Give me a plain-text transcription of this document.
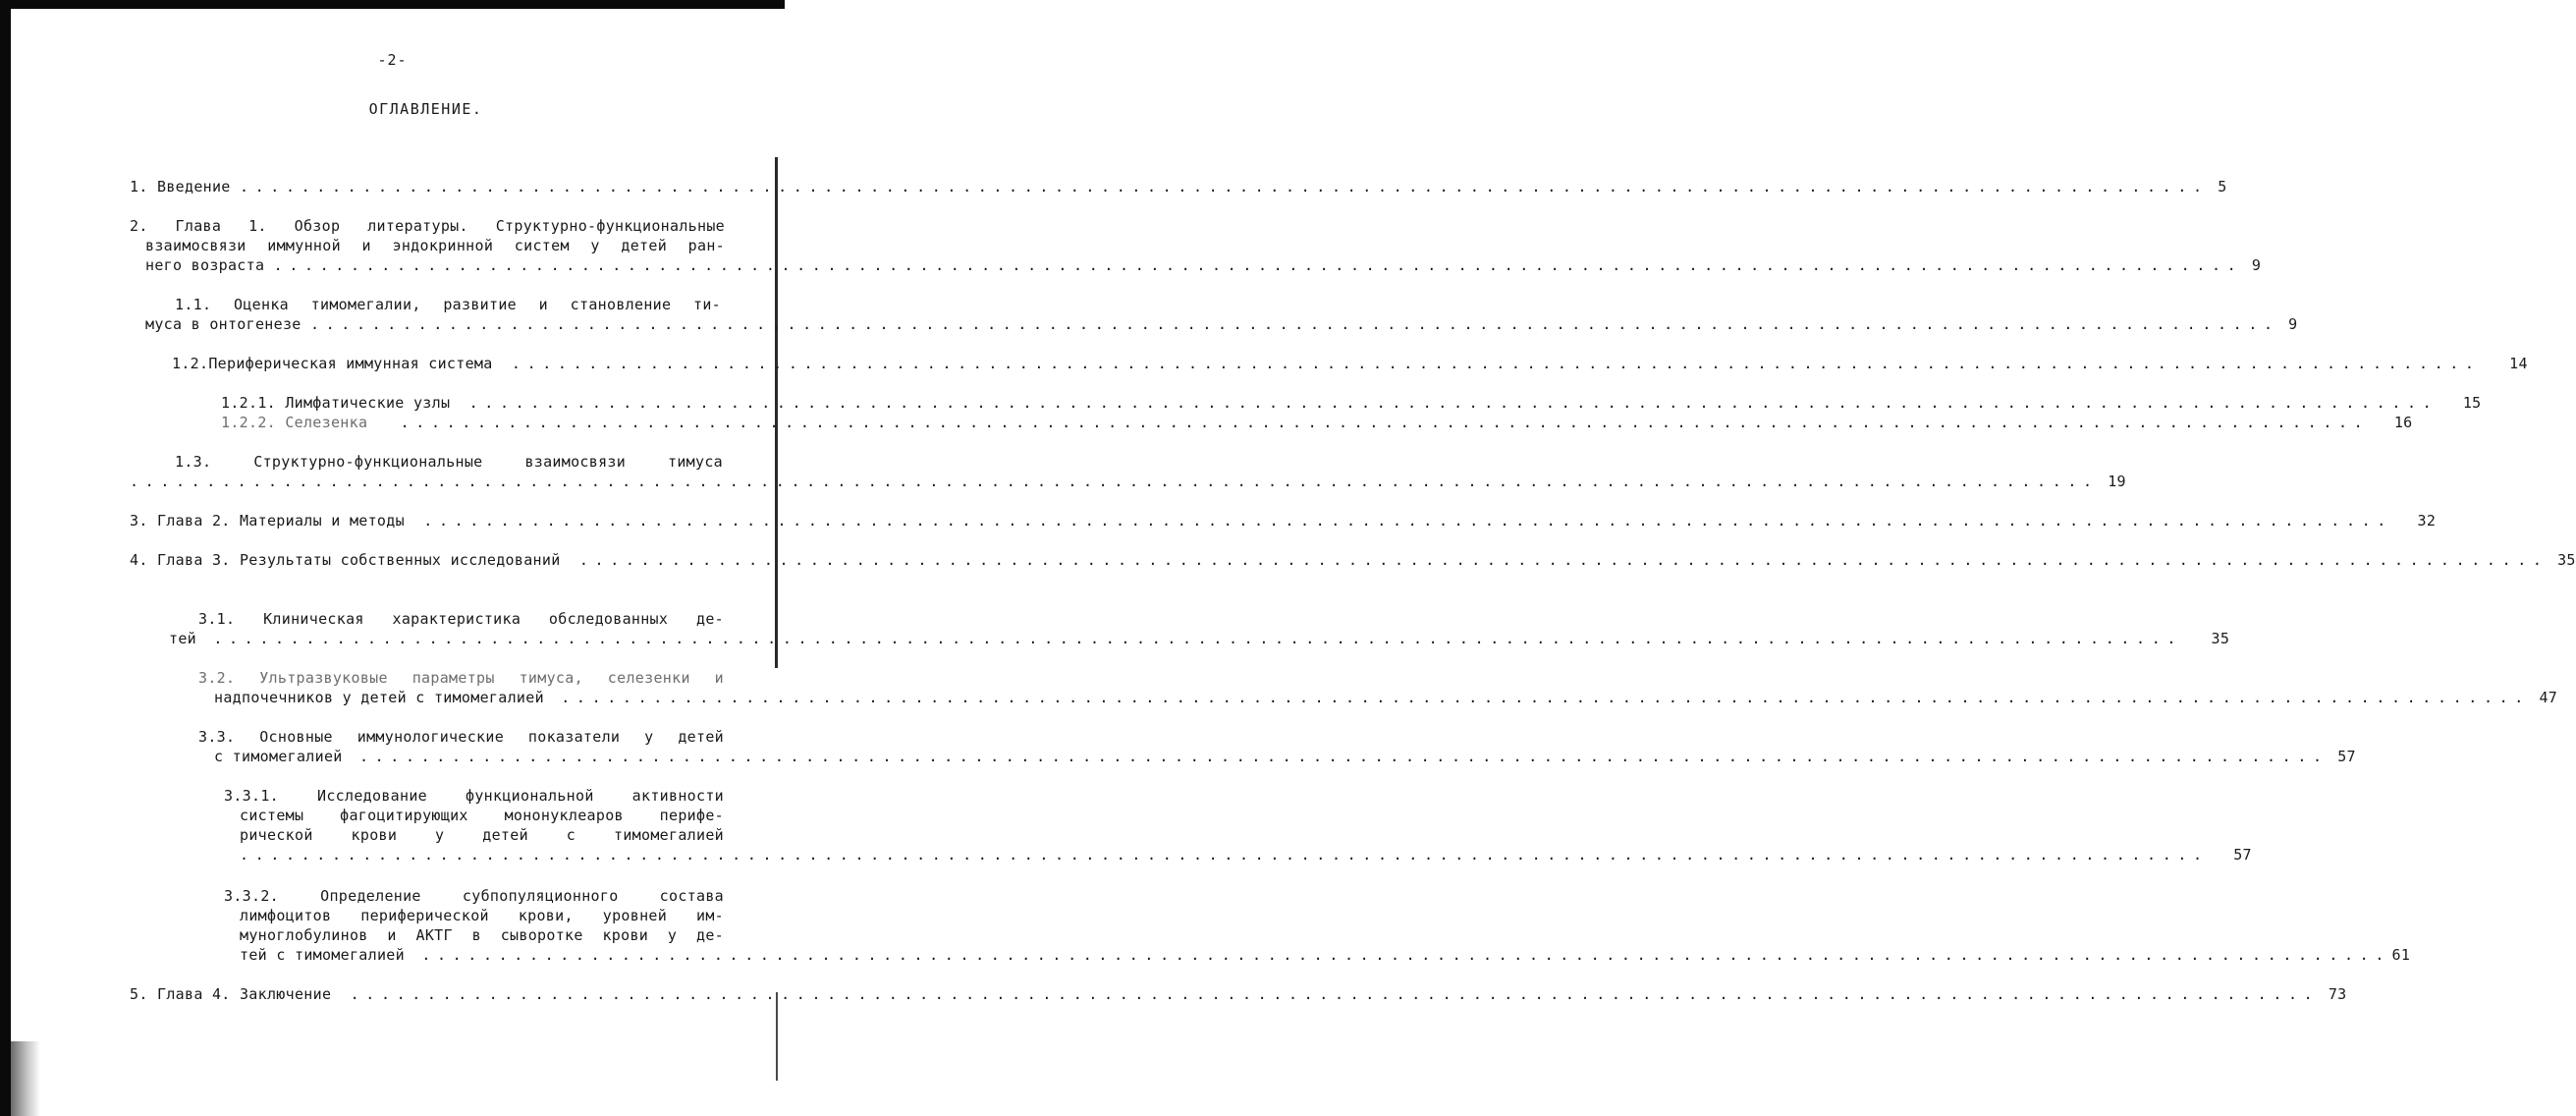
-2-
ОГЛАВЛЕНИЕ.
1. Введение . . .	5
2. Глава 1. Обзор литературы. Структурно-функциональные
взаимосвязи иммунной и эндокринной систем у детей ран-
него возраста . . .	9
1.1. Оценка тимомегалии, развитие и становление ти-
муса в онтогенезе . . .	9
1.2.Периферическая иммунная система . . .	14
1.2.1. Лимфатические узлы . . .	15
1.2.2. Селезенка . . .	16
1.3. Структурно-функциональные взаимосвязи тимуса
. . . 19
3. Глава 2. Материалы и методы . . .	32
4. Глава 3. Результаты собственных исследований . . .	35
3.1. Клиническая характеристика обследованных де-
тей . . .	35
3.2. Ультразвуковые параметры тимуса, селезенки и
надпочечников у детей с тимомегалией . . .	47
3.3. Основные иммунологические показатели у детей
с тимомегалией . . .	57
3.3.1. Исследование функциональной активности
системы фагоцитирующих мононуклеаров перифе-
рической крови у детей с тимомегалией
. . . 57
3.3.2. Определение субпопуляционного состава
лимфоцитов периферической крови, уровней им-
муноглобулинов и АКТГ в сыворотке крови у де-
тей с тимомегалией . . .	61
5. Глава 4. Заключение . . .	73
